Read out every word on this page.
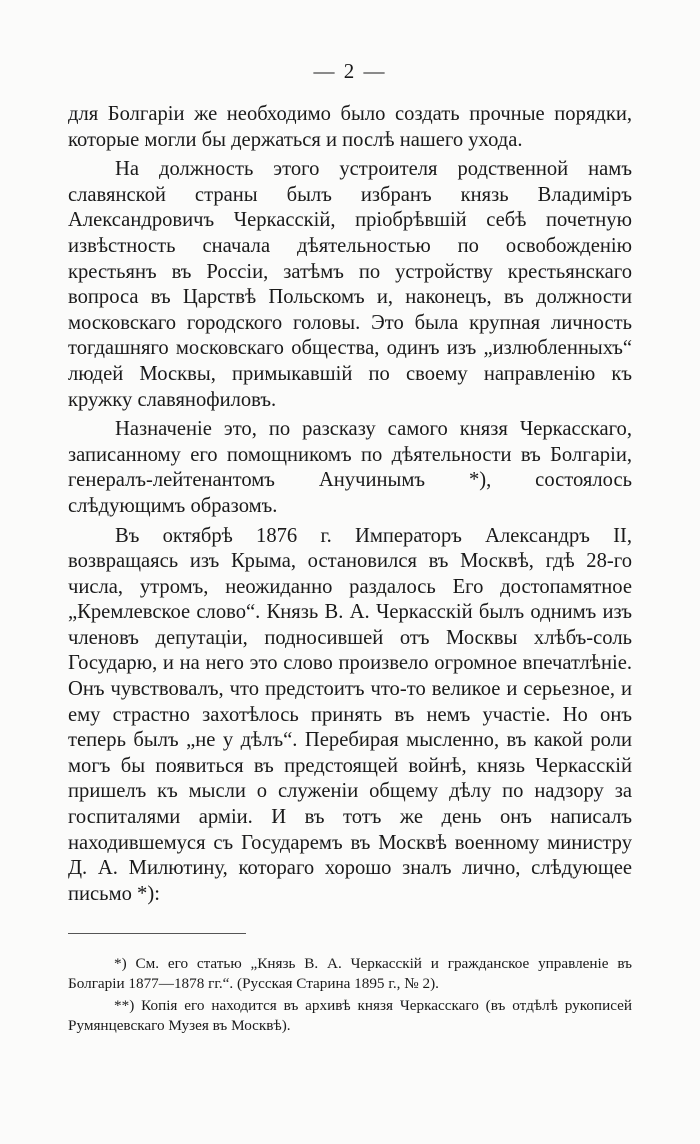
— 2 —

для Болгаріи же необходимо было создать прочные порядки, которые могли бы держаться и послѣ нашего ухода.

На должность этого устроителя родственной намъ славянской страны былъ избранъ князь Владиміръ Александровичъ Черкасскій, пріобрѣвшій себѣ почетную извѣстность сначала дѣятельностью по освобожденію крестьянъ въ Россіи, затѣмъ по устройству крестьянскаго вопроса въ Царствѣ Польскомъ и, наконецъ, въ должности московскаго городского головы. Это была крупная личность тогдашняго московскаго общества, одинъ изъ „излюбленныхъ“ людей Москвы, примыкавшій по своему направленію къ кружку славянофиловъ.

Назначеніе это, по разсказу самого князя Черкасскаго, записанному его помощникомъ по дѣятельности въ Болгаріи, генералъ-лейтенантомъ Анучинымъ *), состоялось слѣдующимъ образомъ.

Въ октябрѣ 1876 г. Императоръ Александръ II, возвращаясь изъ Крыма, остановился въ Москвѣ, гдѣ 28-го числа, утромъ, неожиданно раздалось Его достопамятное „Кремлевское слово“. Князь В. А. Черкасскій былъ однимъ изъ членовъ депутаціи, подносившей отъ Москвы хлѣбъ-соль Государю, и на него это слово произвело огромное впечатлѣніе. Онъ чувствовалъ, что предстоитъ что-то великое и серьезное, и ему страстно захотѣлось принять въ немъ участіе. Но онъ теперь былъ „не у дѣлъ“. Перебирая мысленно, въ какой роли могъ бы появиться въ предстоящей войнѣ, князь Черкасскій пришелъ къ мысли о служеніи общему дѣлу по надзору за госпиталями арміи. И въ тотъ же день онъ написалъ находившемуся съ Государемъ въ Москвѣ военному министру Д. А. Милютину, котораго хорошо зналъ лично, слѣдующее письмо *):

*) См. его статью „Князь В. А. Черкасскій и гражданское управленіе въ Болгаріи 1877—1878 гг.“. (Русская Старина 1895 г., № 2).

**) Копія его находится въ архивѣ князя Черкасскаго (въ отдѣлѣ рукописей Румянцевскаго Музея въ Москвѣ).
